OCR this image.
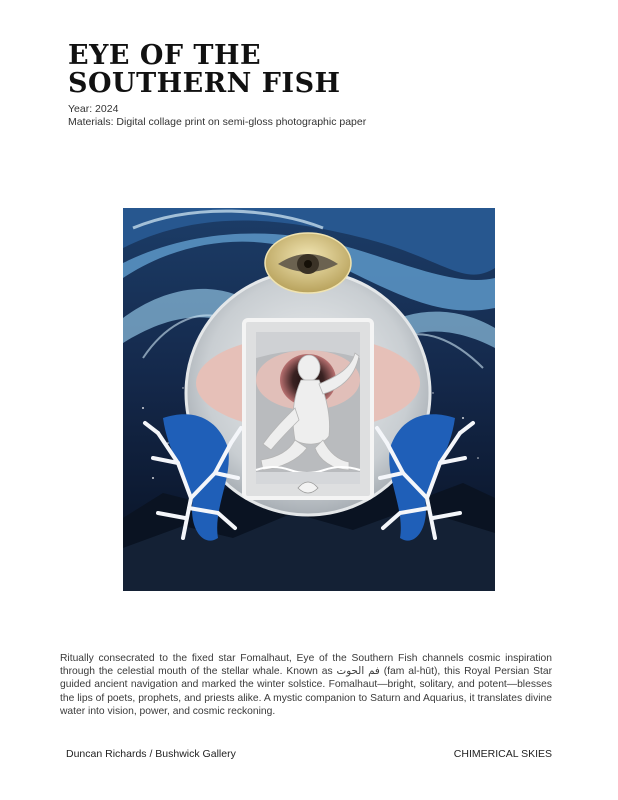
EYE OF THE SOUTHERN FISH
Year: 2024
Materials: Digital collage print on semi-gloss photographic paper

Ritually consecrated to the fixed star Fomalhaut, Eye of the Southern Fish channels cosmic inspiration through the celestial mouth of the stellar whale. Known as فم الحوت (fam al-hūt), this Royal Persian Star guided ancient navigation and marked the winter solstice. Fomalhaut—bright, solitary, and potent—blesses the lips of poets, prophets, and priests alike. A mystic companion to Saturn and Aquarius, it translates divine water into vision, power, and cosmic reckoning.

Duncan Richards / Bushwick Gallery	CHIMERICAL SKIES
